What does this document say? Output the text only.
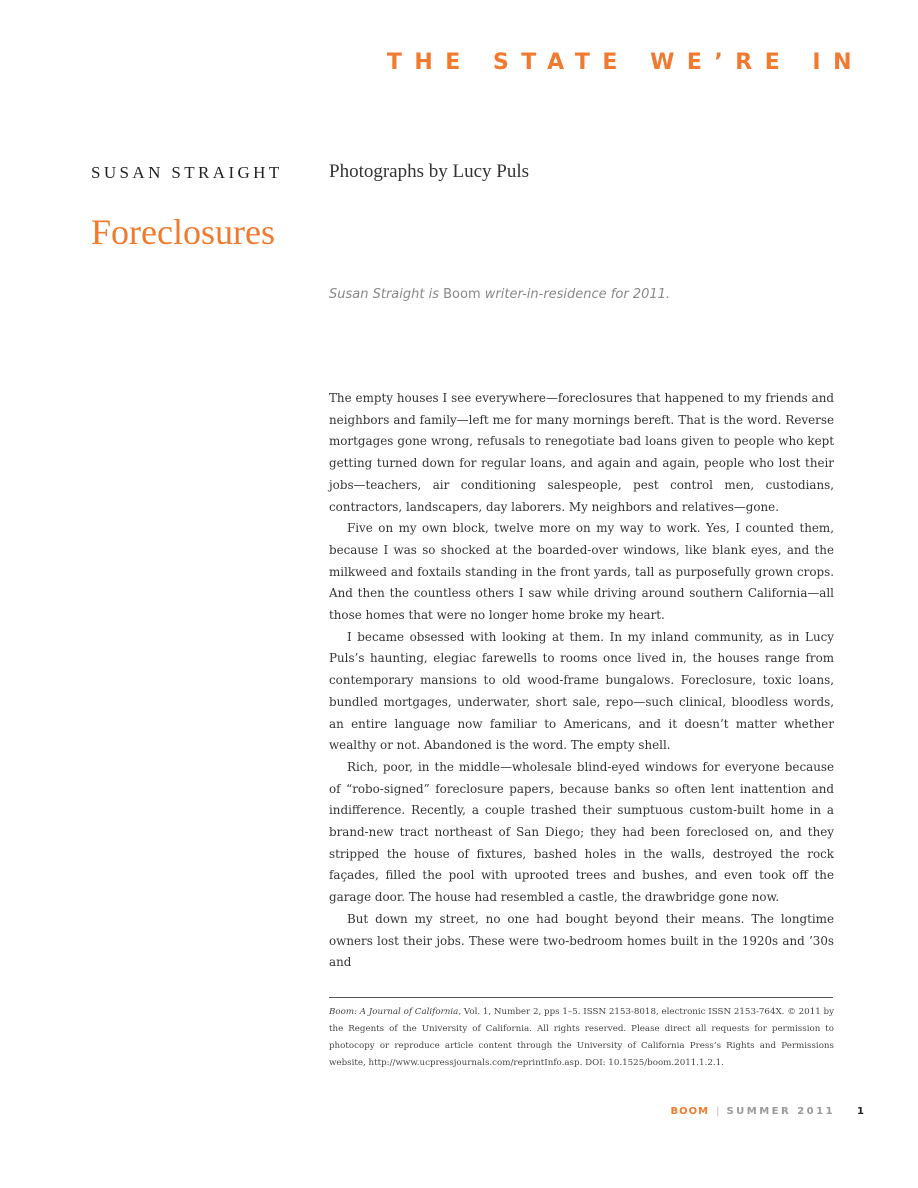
THE STATE WE’RE IN
SUSAN STRAIGHT Photographs by Lucy Puls
Foreclosures
Susan Straight is Boom writer-in-residence for 2011.

The empty houses I see everywhere—foreclosures that happened to my friends and neighbors and family—left me for many mornings bereft. That is the word. Reverse mortgages gone wrong, refusals to renegotiate bad loans given to people who kept getting turned down for regular loans, and again and again, people who lost their jobs—teachers, air conditioning salespeople, pest control men, custodians, contractors, landscapers, day laborers. My neighbors and relatives—gone.

Five on my own block, twelve more on my way to work. Yes, I counted them, because I was so shocked at the boarded-over windows, like blank eyes, and the milkweed and foxtails standing in the front yards, tall as purposefully grown crops. And then the countless others I saw while driving around southern California—all those homes that were no longer home broke my heart.

I became obsessed with looking at them. In my inland community, as in Lucy Puls’s haunting, elegiac farewells to rooms once lived in, the houses range from contemporary mansions to old wood-frame bungalows. Foreclosure, toxic loans, bundled mortgages, underwater, short sale, repo—such clinical, bloodless words, an entire language now familiar to Americans, and it doesn’t matter whether wealthy or not. Abandoned is the word. The empty shell.

Rich, poor, in the middle—wholesale blind-eyed windows for everyone because of “robo-signed” foreclosure papers, because banks so often lent inattention and indifference. Recently, a couple trashed their sumptuous custom-built home in a brand-new tract northeast of San Diego; they had been foreclosed on, and they stripped the house of fixtures, bashed holes in the walls, destroyed the rock façades, filled the pool with uprooted trees and bushes, and even took off the garage door. The house had resembled a castle, the drawbridge gone now.

But down my street, no one had bought beyond their means. The longtime owners lost their jobs. These were two-bedroom homes built in the 1920s and ’30s and

Boom: A Journal of California, Vol. 1, Number 2, pps 1–5. ISSN 2153-8018, electronic ISSN 2153-764X. © 2011 by the Regents of the University of California. All rights reserved. Please direct all requests for permission to photocopy or reproduce article content through the University of California Press’s Rights and Permissions website, http://www.ucpressjournals.com/reprintInfo.asp. DOI: 10.1525/boom.2011.1.2.1.
BOOM | SUMMER 2011 1
